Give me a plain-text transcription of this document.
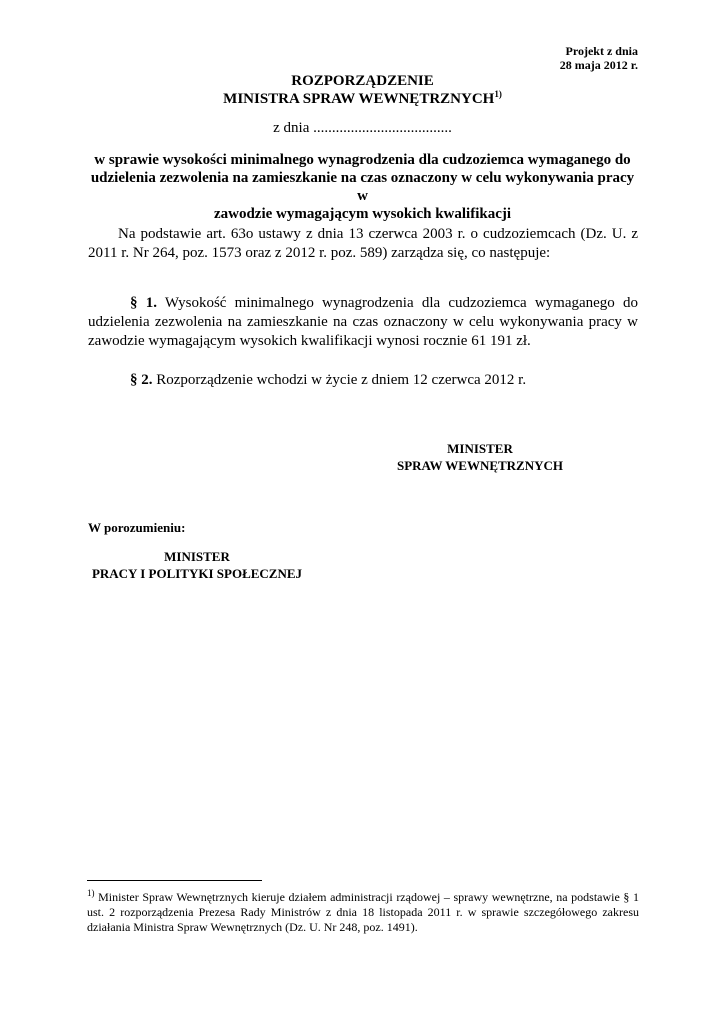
Projekt z dnia
28 maja 2012 r.
ROZPORZĄDZENIE
MINISTRA SPRAW WEWNĘTRZNYCH$^{1)}$
z dnia .....................................
w sprawie wysokości minimalnego wynagrodzenia dla cudzoziemca wymaganego do
udzielenia zezwolenia na zamieszkanie na czas oznaczony w celu wykonywania pracy w
zawodzie wymagającym wysokich kwalifikacji
Na podstawie art. 63o ustawy z dnia 13 czerwca 2003 r. o cudzoziemcach (Dz. U. z 2011 r. Nr 264, poz. 1573 oraz z 2012 r. poz. 589) zarządza się, co następuje:
§ 1. Wysokość minimalnego wynagrodzenia dla cudzoziemca wymaganego do udzielenia zezwolenia na zamieszkanie na czas oznaczony w celu wykonywania pracy w zawodzie wymagającym wysokich kwalifikacji wynosi rocznie 61 191 zł.
§ 2. Rozporządzenie wchodzi w życie z dniem 12 czerwca 2012 r.
MINISTER
SPRAW WEWNĘTRZNYCH
W porozumieniu:
MINISTER
PRACY I POLITYKI SPOŁECZNEJ
$^{1)}$ Minister Spraw Wewnętrznych kieruje działem administracji rządowej – sprawy wewnętrzne, na podstawie § 1 ust. 2 rozporządzenia Prezesa Rady Ministrów z dnia 18 listopada 2011 r. w sprawie szczegółowego zakresu działania Ministra Spraw Wewnętrznych (Dz. U. Nr 248, poz. 1491).
